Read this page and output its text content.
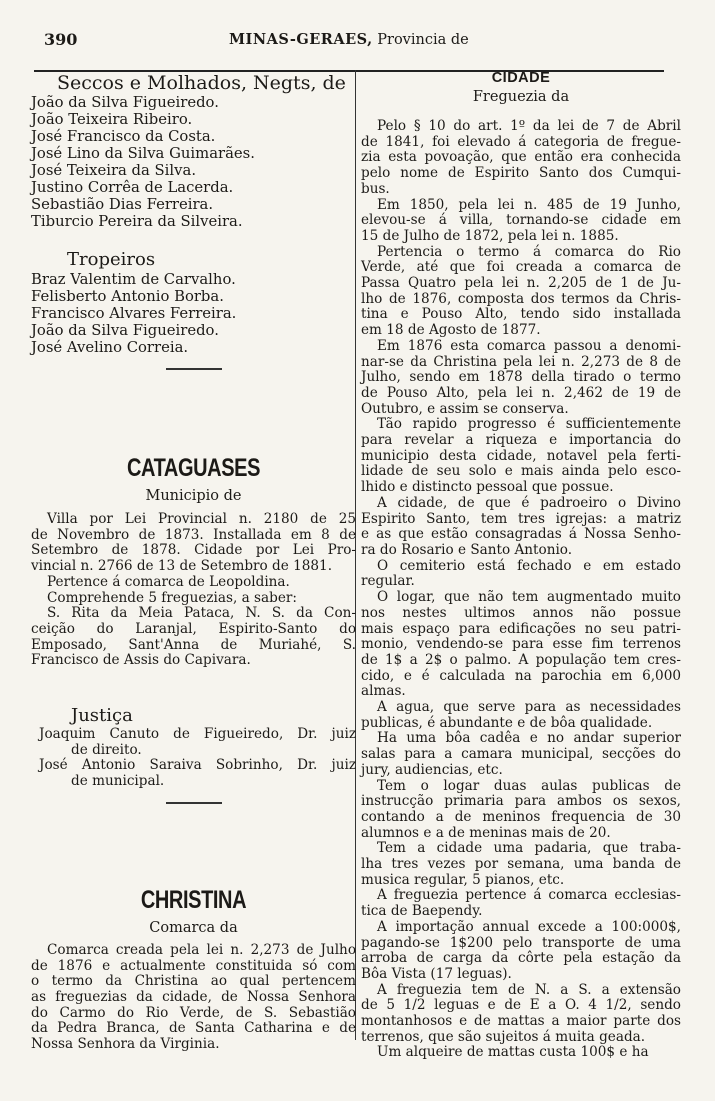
390	MINAS-GERAES, Provincia de
Seccos e Molhados, Negts, de
João da Silva Figueiredo.
João Teixeira Ribeiro.
José Francisco da Costa.
José Lino da Silva Guimarães.
José Teixeira da Silva.
Justino Corrêa de Lacerda.
Sebastião Dias Ferreira.
Tiburcio Pereira da Silveira.
Tropeiros
Braz Valentim de Carvalho.
Felisberto Antonio Borba.
Francisco Alvares Ferreira.
João da Silva Figueiredo.
José Avelino Correia.
CATAGUASES
Municipio de
Villa por Lei Provincial n. 2180 de 25
de Novembro de 1873. Installada em 8 de
Setembro de 1878. Cidade por Lei Pro-
vincial n. 2766 de 13 de Setembro de 1881.
Pertence á comarca de Leopoldina.
Comprehende 5 freguezias, a saber:
S. Rita da Meia Pataca, N. S. da Con-
ceição do Laranjal, Espirito-Santo do
Emposado, Sant'Anna de Muriahé, S.
Francisco de Assis do Capivara.
Justiça
Joaquim Canuto de Figueiredo, Dr. juiz
de direito.
José Antonio Saraiva Sobrinho, Dr. juiz
de municipal.
CHRISTINA
Comarca da
Comarca creada pela lei n. 2,273 de Julho
de 1876 e actualmente constituida só com
o termo da Christina ao qual pertencem
as freguezias da cidade, de Nossa Senhora
do Carmo do Rio Verde, de S. Sebastião
da Pedra Branca, de Santa Catharina e de
Nossa Senhora da Virginia.
CIDADE
Freguezia da
Pelo § 10 do art. 1º da lei de 7 de Abril
de 1841, foi elevado á categoria de fregue-
zia esta povoação, que então era conhecida
pelo nome de Espirito Santo dos Cumqui-
bus.
Em 1850, pela lei n. 485 de 19 Junho,
elevou-se á villa, tornando-se cidade em
15 de Julho de 1872, pela lei n. 1885.
Pertencia o termo á comarca do Rio
Verde, até que foi creada a comarca de
Passa Quatro pela lei n. 2,205 de 1 de Ju-
lho de 1876, composta dos termos da Chris-
tina e Pouso Alto, tendo sido installada
em 18 de Agosto de 1877.
Em 1876 esta comarca passou a denomi-
nar-se da Christina pela lei n. 2,273 de 8 de
Julho, sendo em 1878 della tirado o termo
de Pouso Alto, pela lei n. 2,462 de 19 de
Outubro, e assim se conserva.
Tão rapido progresso é sufficientemente
para revelar a riqueza e importancia do
municipio desta cidade, notavel pela ferti-
lidade de seu solo e mais ainda pelo esco-
lhido e distincto pessoal que possue.
A cidade, de que é padroeiro o Divino
Espirito Santo, tem tres igrejas: a matriz
e as que estão consagradas á Nossa Senho-
ra do Rosario e Santo Antonio.
O cemiterio está fechado e em estado
regular.
O logar, que não tem augmentado muito
nos nestes ultimos annos não possue
mais espaço para edificações no seu patri-
monio, vendendo-se para esse fim terrenos
de 1$ a 2$ o palmo. A população tem cres-
cido, e é calculada na parochia em 6,000
almas.
A agua, que serve para as necessidades
publicas, é abundante e de bôa qualidade.
Ha uma bôa cadêa e no andar superior
salas para a camara municipal, secções do
jury, audiencias, etc.
Tem o logar duas aulas publicas de
instrucção primaria para ambos os sexos,
contando a de meninos frequencia de 30
alumnos e a de meninas mais de 20.
Tem a cidade uma padaria, que traba-
lha tres vezes por semana, uma banda de
musica regular, 5 pianos, etc.
A freguezia pertence á comarca ecclesias-
tica de Baependy.
A importação annual excede a 100:000$,
pagando-se 1$200 pelo transporte de uma
arroba de carga da côrte pela estação da
Bôa Vista (17 leguas).
A freguezia tem de N. a S. a extensão
de 5 1/2 leguas e de E a O. 4 1/2, sendo
montanhosos e de mattas a maior parte dos
terrenos, que são sujeitos á muita geada.
Um alqueire de mattas custa 100$ e ha
